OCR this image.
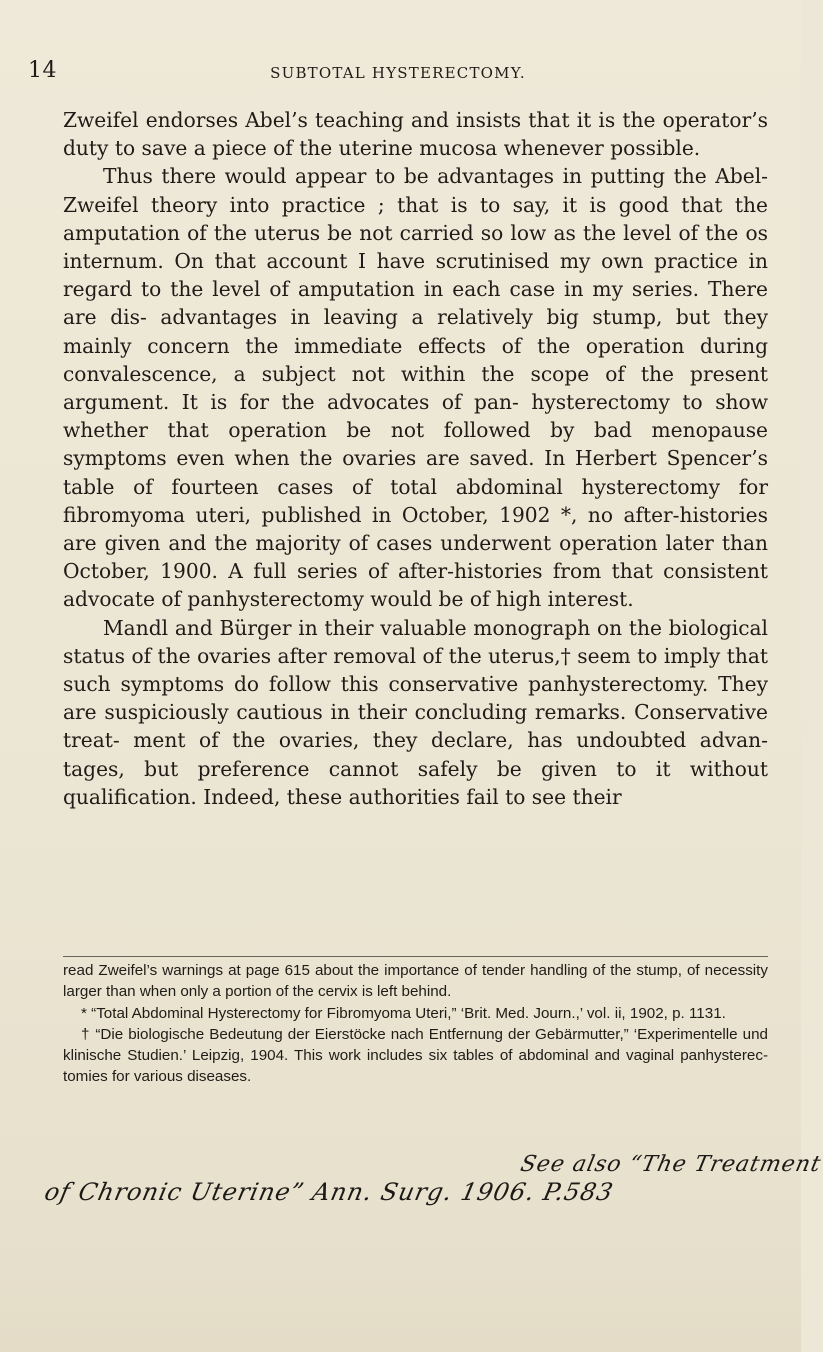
14	SUBTOTAL HYSTERECTOMY.

Zweifel endorses Abel’s teaching and insists that it is the operator’s duty to save a piece of the uterine mucosa whenever possible.

Thus there would appear to be advantages in putting the Abel-Zweifel theory into practice ; that is to say, it is good that the amputation of the uterus be not carried so low as the level of the os internum. On that account I have scrutinised my own practice in regard to the level of amputation in each case in my series. There are dis- advantages in leaving a relatively big stump, but they mainly concern the immediate effects of the operation during convalescence, a subject not within the scope of the present argument. It is for the advocates of pan- hysterectomy to show whether that operation be not followed by bad menopause symptoms even when the ovaries are saved. In Herbert Spencer’s table of fourteen cases of total abdominal hysterectomy for fibromyoma uteri, published in October, 1902 *, no after-histories are given and the majority of cases underwent operation later than October, 1900. A full series of after-histories from that consistent advocate of panhysterectomy would be of high interest.

Mandl and Bürger in their valuable monograph on the biological status of the ovaries after removal of the uterus,† seem to imply that such symptoms do follow this conservative panhysterectomy. They are suspiciously cautious in their concluding remarks. Conservative treat- ment of the ovaries, they declare, has undoubted advan- tages, but preference cannot safely be given to it without qualification. Indeed, these authorities fail to see their

read Zweifel’s warnings at page 615 about the importance of tender handling of the stump, of necessity larger than when only a portion of the cervix is left behind.

* “Total Abdominal Hysterectomy for Fibromyoma Uteri,” ‘Brit. Med. Journ.,’ vol. ii, 1902, p. 1131.

† “Die biologische Bedeutung der Eierstöcke nach Entfernung der Gebärmutter,” ‘Experimentelle und klinische Studien.’ Leipzig, 1904. This work includes six tables of abdominal and vaginal panhysterec- tomies for various diseases.

See also “The Treatment
of Chronic Uterine” Ann. Surg. 1906. P.583
